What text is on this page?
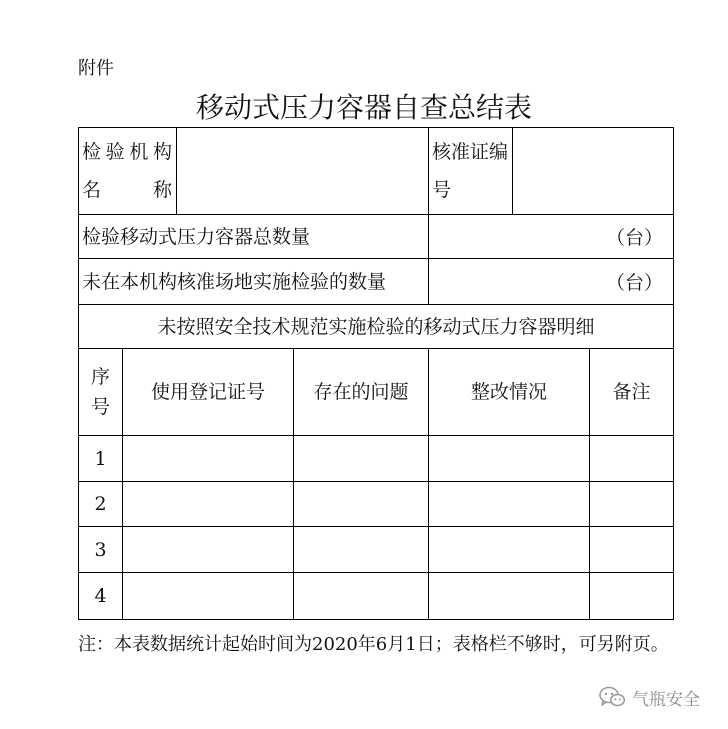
附件
移动式压力容器自查总结表
检验机构名称				核准证编号		
检验移动式压力容器总数量				（台）		
未在本机构核准场地实施检验的数量				（台）		
未按照安全技术规范实施检验的移动式压力容器明细						
序号	使用登记证号		存在的问题	整改情况		备注
1						
2						
3						
4						
注：本表数据统计起始时间为2020年6月1日；表格栏不够时，可另附页。
气瓶安全
